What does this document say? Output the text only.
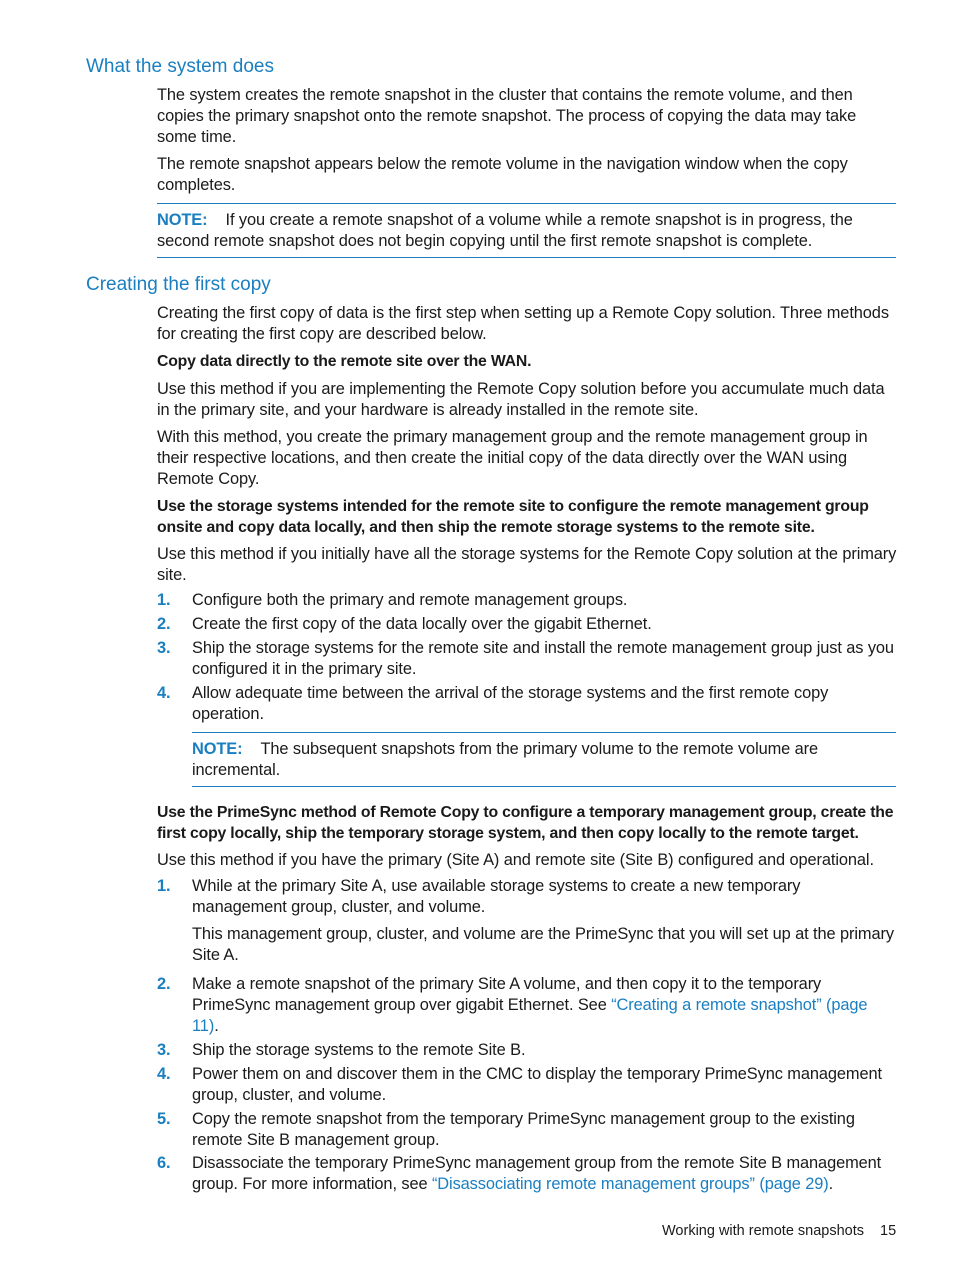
What the system does

The system creates the remote snapshot in the cluster that contains the remote volume, and then copies the primary snapshot onto the remote snapshot. The process of copying the data may take some time.

The remote snapshot appears below the remote volume in the navigation window when the copy completes.

NOTE: If you create a remote snapshot of a volume while a remote snapshot is in progress, the second remote snapshot does not begin copying until the first remote snapshot is complete.
Creating the first copy

Creating the first copy of data is the first step when setting up a Remote Copy solution. Three methods for creating the first copy are described below.

Copy data directly to the remote site over the WAN.

Use this method if you are implementing the Remote Copy solution before you accumulate much data in the primary site, and your hardware is already installed in the remote site.

With this method, you create the primary management group and the remote management group in their respective locations, and then create the initial copy of the data directly over the WAN using Remote Copy.

Use the storage systems intended for the remote site to configure the remote management group onsite and copy data locally, and then ship the remote storage systems to the remote site.

Use this method if you initially have all the storage systems for the Remote Copy solution at the primary site.

1. Configure both the primary and remote management groups.
2. Create the first copy of the data locally over the gigabit Ethernet.
3. Ship the storage systems for the remote site and install the remote management group just as you configured it in the primary site.
4. Allow adequate time between the arrival of the storage systems and the first remote copy operation.
NOTE: The subsequent snapshots from the primary volume to the remote volume are incremental.

Use the PrimeSync method of Remote Copy to configure a temporary management group, create the first copy locally, ship the temporary storage system, and then copy locally to the remote target.

Use this method if you have the primary (Site A) and remote site (Site B) configured and operational.

1. While at the primary Site A, use available storage systems to create a new temporary management group, cluster, and volume.
This management group, cluster, and volume are the PrimeSync that you will set up at the primary Site A.
2. Make a remote snapshot of the primary Site A volume, and then copy it to the temporary PrimeSync management group over gigabit Ethernet. See “Creating a remote snapshot” (page 11).
3. Ship the storage systems to the remote Site B.
4. Power them on and discover them in the CMC to display the temporary PrimeSync management group, cluster, and volume.
5. Copy the remote snapshot from the temporary PrimeSync management group to the existing remote Site B management group.
6. Disassociate the temporary PrimeSync management group from the remote Site B management group. For more information, see “Disassociating remote management groups” (page 29).
Working with remote snapshots 15
